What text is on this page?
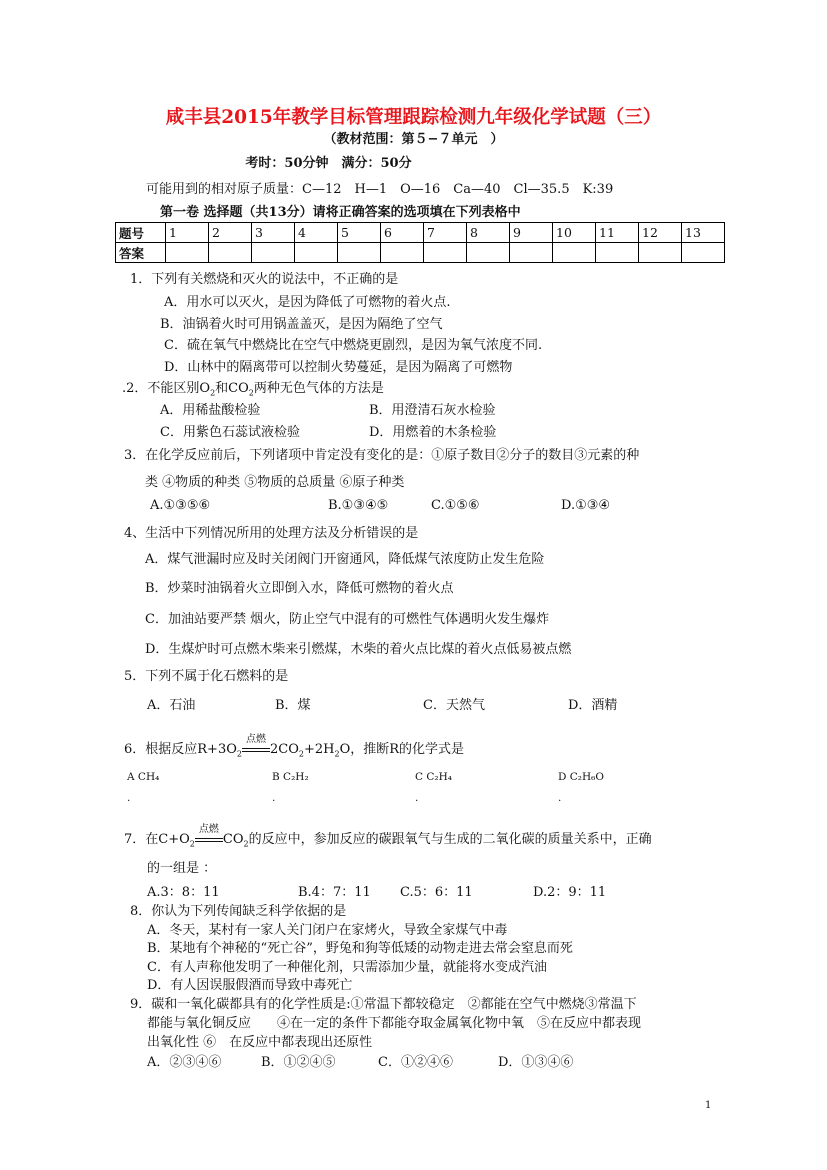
咸丰县2015年教学目标管理跟踪检测九年级化学试题（三）
（教材范围：第５−７单元　）
考时：50分钟　满分：50分
可能用到的相对原子质量：C—12　H—1　O—16　Ca—40　Cl—35.5　K:39
第一卷 选择题（共13分）请将正确答案的选项填在下列表格中
题号	1	2	3	4	5	6	7	8	9	10	11	12	13
答案													
1．下列有关燃烧和灭火的说法中，不正确的是
A．用水可以灭火，是因为降低了可燃物的着火点.
B．油锅着火时可用锅盖盖灭，是因为隔绝了空气
C．硫在氧气中燃烧比在空气中燃烧更剧烈，是因为氧气浓度不同.
D．山林中的隔离带可以控制火势蔓延，是因为隔离了可燃物
.2．不能区别$O_2$和$CO_2$两种无色气体的方法是
A．用稀盐酸检验	B．用澄清石灰水检验
C．用紫色石蕊试液检验	D．用燃着的木条检验
3．在化学反应前后，下列诸项中肯定没有变化的是：①原子数目②分子的数目③元素的种
类 ④物质的种类 ⑤物质的总质量 ⑥原子种类
A.①③⑤⑥	B.①③④⑤	C.①⑤⑥	D.①③④
4、生活中下列情况所用的处理方法及分析错误的是
A．煤气泄漏时应及时关闭阀门开窗通风，降低煤气浓度防止发生危险
B．炒菜时油锅着火立即倒入水，降低可燃物的着火点
C．加油站要严禁 烟火，防止空气中混有的可燃性气体遇明火发生爆炸
D．生煤炉时可点燃木柴来引燃煤，木柴的着火点比煤的着火点低易被点燃
5．下列不属于化石燃料的是
A．石油	B．煤	C．天然气	D．酒精
6．根据反应$R+3O_2$
点燃
$2CO_2+2H_2O$，推断R的化学式是
A CH₄	B C₂H₂	C C₂H₄	D C₂H₆O
.	.	.	.
7．在$C+O_2$
点燃
$CO_2$的反应中，参加反应的碳跟氧气与生成的二氧化碳的质量关系中，正确
的一组是 ：
A.3：8：11	B.4：7：11 C.5：6：11	D.2：9：11
8．你认为下列传闻缺乏科学依据的是
A．冬天，某村有一家人关门闭户在家烤火，导致全家煤气中毒
B．某地有个神秘的“死亡谷”，野兔和狗等低矮的动物走进去常会窒息而死
C．有人声称他发明了一种催化剂，只需添加少量，就能将水变成汽油
D．有人因误服假酒而导致中毒死亡
9．碳和一氧化碳都具有的化学性质是:①常温下都较稳定　②都能在空气中燃烧③常温下
都能与氧化铜反应　　④在一定的条件下都能夺取金属氧化物中氧　⑤在反应中都表现
出氧化性 ⑥　在反应中都表现出还原性
A．②③④⑥	B．①②④⑤	C．①②④⑥	D．①③④⑥
1
